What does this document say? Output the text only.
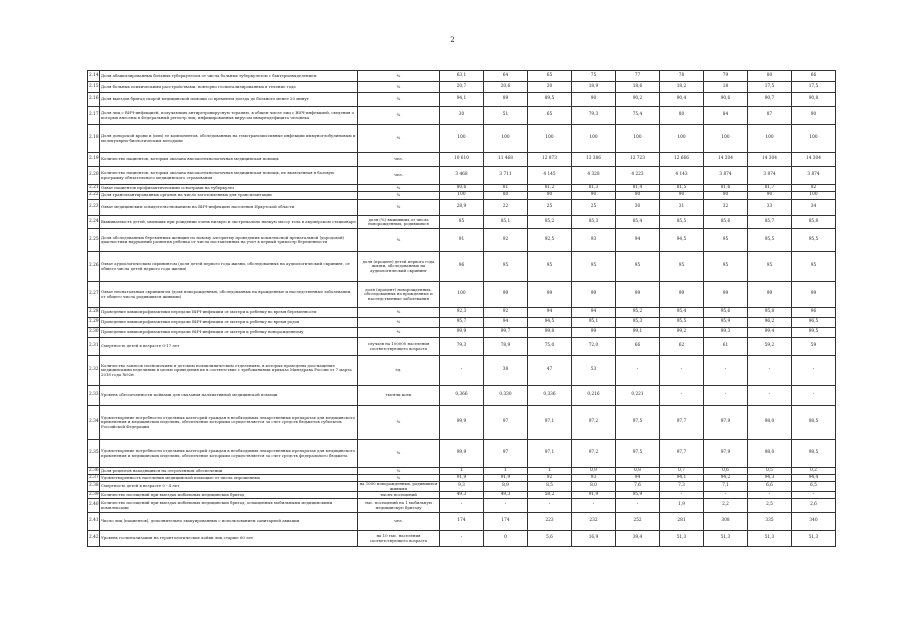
2
2.14	Доля абациллированных больных туберкулезом от числа больных туберкулезом с бактериовыделением	%	63,1	64	65	75	77	78	79	80	66
2.15	Доля больных психическими расстройствами, повторно госпитализированных в течение года	%	20,7	20,6	20	18,9	18,6	18,2	18	17,5	17,5
2.16	Доля выездов бригад скорой медицинской помощи со временем доезда до больного менее 20 минут	%	94,1	89	89,5	90	90,2	90,4	90,6	90,7	90,8
2.17	Доля лиц с ВИЧ-инфекцией, получающих антиретровирусную терапию, в общем числе лиц с ВИЧ-инфекцией, сведения о которых внесены в Федеральный регистр лиц, инфицированных вирусом иммунодефицита человека	%	30	51	65	79,3	75,4	80	84	87	90
2.18	Доля донорской крови и (или) ее компонентов, обследованных на гемотрансмиссивные инфекции иммуноглобулиновым и молекулярно-биологическим методами	%	100	100	100	100	100	100	100	100	100
2.19	Количество пациентов, которым оказана высокотехнологичная медицинская помощь	чел.	10 610	11 468	12 873	13 386	12 723	12 666	14 204	14 304	14 304
2.20	Количество пациентов, которым оказана высокотехнологичная медицинская помощь, не включенная в базовую программу обязательного медицинского страхования	чел.	3 468	3 711	4 145	4 328	4 223	4 143	3 874	3 874	3 874
2.21	Охват пациентов профилактическими осмотрами на туберкулез	%	80,6	81	81,2	81,3	81,4	81,5	81,6	81,7	82
2.22	Доля трансплантированных органов на число заготовленных для трансплантации	%	100	80	90	90	90	90	90	90	100
2.23	Охват медицинским освидетельствованием на ВИЧ-инфекцию населения Иркутской области	%	28,9	22	25	25	30	31	32	33	34
2.24	Выживаемость детей, имевших при рождении очень низкую и экстремально низкую массу тела в акушерском стационаре	доля (%) выживших от числа новорожденных, родившихся	85	85,1	85,2	85,3	85,4	85,5	85,6	85,7	85,8
2.25	Доля обследованных беременных женщин по новому алгоритму проведения комплексной пренатальной (дородовой) диагностики нарушений развития ребенка от числа поставленных на учет в первый триместр беременности	%	91	92	92,5	93	94	94,5	95	95,5	95,5
2.26	Охват аудиологическим скринингом (доля детей первого года жизни, обследованных на аудиологический скрининг, от общего числа детей первого года жизни)	доля (процент) детей первого года жизни, обследованных на аудиологический скрининг	96	95	95	95	95	95	95	95	95
2.27	Охват неонатальным скринингом (доля новорожденных, обследованных на врожденные и наследственные заболевания, от общего числа родившихся живыми)	доля (процент) новорожденных, обследованных на врожденные и наследственные заболевания	100	99	99	99	99	99	99	99	99
2.28	Проведение химиопрофилактики передачи ВИЧ-инфекции от матери к ребенку во время беременности	%	92,3	92	94	94	95,2	95,4	95,6	95,8	96
2.29	Проведение химиопрофилактики передачи ВИЧ-инфекции от матери к ребенку во время родов	%	95,7	94	94,5	95,1	95,3	95,5	95,9	96,2	96,5
2.30	Проведение химиопрофилактики передачи ВИЧ-инфекции от матери к ребенку новорожденному	%	99,9	99,7	99,8	99	99,1	99,2	99,3	99,4	99,5
2.31	Смертность детей в возрасте 0-17 лет	случаев на 100000 населения соответствующего возраста	79,3	78,9	75,0	72,0	66	62	61	59,2	59
2.32	Количество записок полномочиям и детским поликлиническим отделениям, в которых проведены дооснащение медицинскими изделиями в целью приведения их в соответствие с требованиями приказа Минздрава России от 7 марта 2018 года №92н	ед.	-	38	47	53	-	-	-	-	-
2.33	Уровень обеспеченности койками для оказания паллиативной медицинской помощи	тысячи коек	0,366	0,330	0,336	0,216	0,221	-	-	-	-
2.34	Удовлетворение потребности отдельных категорий граждан в необходимых лекарственных препаратах для медицинского применения и медицинских изделиях, обеспечение которыми осуществляется за счет средств бюджетов субъектов Российской Федерации	%	99,9	97	97,1	97,2	97,5	97,7	97,9	98,0	98,5
2.35	Удовлетворение потребности отдельных категорий граждан в необходимых лекарственных препаратах для медицинского применения и медицинских изделиях, обеспечение которыми осуществляется за счет средств федерального бюджета	%	99,9	97	97,1	97,2	97,5	97,7	97,9	98,0	98,5
2.36	Доля рецептов находящихся на отсроченном обеспечении	%	1	1	1	0,9	0,8	0,7	0,6	0,5	0,2
2.37	Удовлетворенность населения медицинской помощью от числа опрошенных	%	91,9	91,9	92	93	94	94,1	94,2	94,3	94,4
2.38	Смертность детей в возрасте 0 - 4 лет	на 1000 новорожденных, родившихся живыми	9,3	8,9	8,5	8,0	7,6	7,3	7,1	6,6	6,5
2.39	Количество посещений при выездах мобильных медицинских бригад	тысяч посещений	49,3	49,3	58,2	91,9	95,9	-	-	-	-
2.40	Количество посещений при выездах мобильных медицинских бригад, оснащенных мобильными медицинскими комплексами	тыс. посещений на 1 мобильную медицинскую бригаду	-	-	-	-	-	1,9	2,2	2,5	2,6
2.41	Число лиц (пациентов), дополнительно эвакуированных с использованием санитарной авиации	чел.	174	174	223	232	252	281	308	335	340
2.42	Уровень госпитализации на геронтологические койки лиц старше 60 лет	на 10 тыс. населения соответствующего возраста	-	0	5,6	16,9	39,4	51,3	51,3	51,3	51,3
